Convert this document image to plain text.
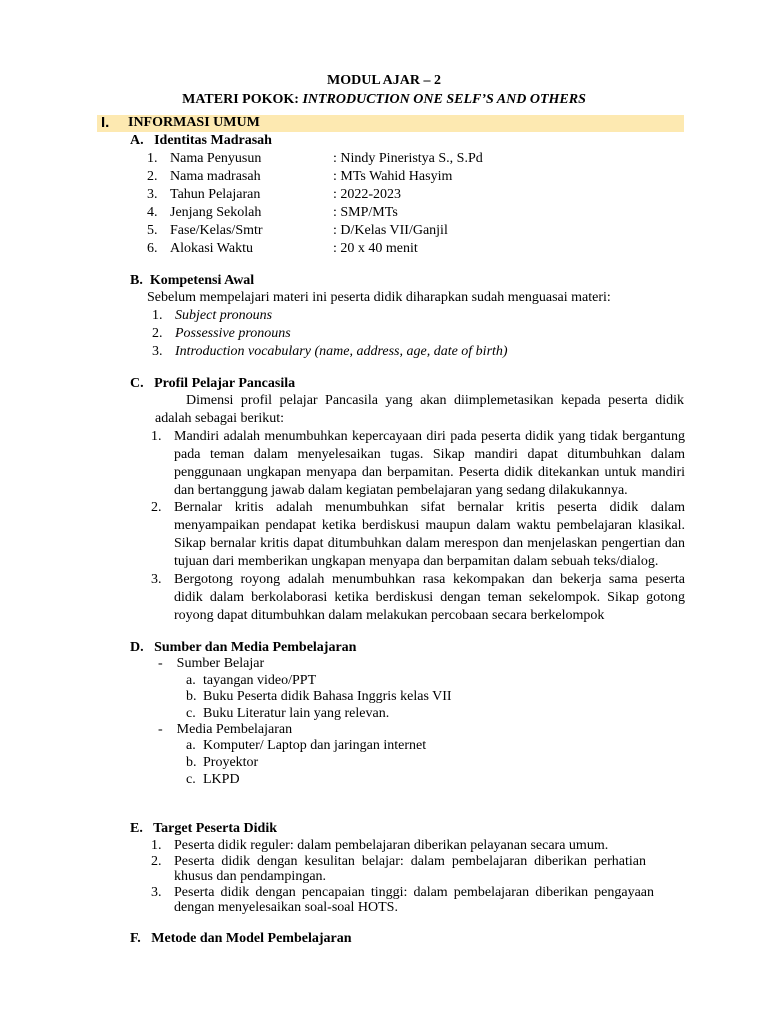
MODUL AJAR – 2
MATERI POKOK: INTRODUCTION ONE SELF’S AND OTHERS
I. INFORMASI UMUM
A.   Identitas Madrasah
1. Nama Penyusun	: Nindy Pineristya S., S.Pd
2. Nama madrasah	: MTs Wahid Hasyim
3. Tahun Pelajaran	: 2022-2023
4. Jenjang Sekolah	: SMP/MTs
5. Fase/Kelas/Smtr	: D/Kelas VII/Ganjil
6. Alokasi Waktu	: 20 x 40 menit
B.  Kompetensi Awal
Sebelum mempelajari materi ini peserta didik diharapkan sudah menguasai materi:
1. Subject pronouns
2. Possessive pronouns
3. Introduction vocabulary (name, address, age, date of birth)
C.   Profil Pelajar Pancasila
Dimensi profil pelajar Pancasila yang akan diimplemetasikan kepada peserta didik
adalah sebagai berikut:
1. Mandiri adalah menumbuhkan kepercayaan diri pada peserta didik yang tidak bergantung
pada teman dalam menyelesaikan tugas. Sikap mandiri dapat ditumbuhkan dalam
penggunaan ungkapan menyapa dan berpamitan. Peserta didik ditekankan untuk mandiri
dan bertanggung jawab dalam kegiatan pembelajaran yang sedang dilakukannya.
2. Bernalar kritis adalah menumbuhkan sifat bernalar kritis peserta didik dalam
menyampaikan pendapat ketika berdiskusi maupun dalam waktu pembelajaran klasikal.
Sikap bernalar kritis dapat ditumbuhkan dalam merespon dan menjelaskan pengertian dan
tujuan dari memberikan ungkapan menyapa dan berpamitan dalam sebuah teks/dialog.
3. Bergotong royong adalah menumbuhkan rasa kekompakan dan bekerja sama peserta
didik dalam berkolaborasi ketika berdiskusi dengan teman sekelompok. Sikap gotong
royong dapat ditumbuhkan dalam melakukan percobaan secara berkelompok
D.   Sumber dan Media Pembelajaran
-    Sumber Belajar
a. tayangan video/PPT
b. Buku Peserta didik Bahasa Inggris kelas VII
c. Buku Literatur lain yang relevan.
-    Media Pembelajaran
a. Komputer/ Laptop dan jaringan internet
b. Proyektor
c. LKPD
E.   Target Peserta Didik
1. Peserta didik reguler: dalam pembelajaran diberikan pelayanan secara umum.
2. Peserta didik dengan kesulitan belajar: dalam pembelajaran diberikan perhatian
khusus dan pendampingan.
3. Peserta didik dengan pencapaian tinggi: dalam pembelajaran diberikan pengayaan
dengan menyelesaikan soal-soal HOTS.
F.   Metode dan Model Pembelajaran
